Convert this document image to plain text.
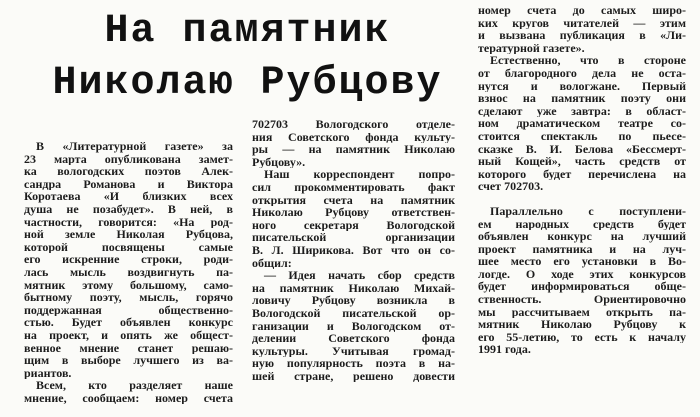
На памятник
Николаю Рубцову
В «Литературной газете» за
23 марта опубликована замет-
ка вологодских поэтов Алек-
сандра Романова и Виктора
Коротаева «И близких всех
душа не позабудет». В ней, в
частности, говорится: «На род-
ной земле Николая Рубцова,
которой посвящены самые
его искренние строки, роди-
лась мысль воздвигнуть па-
мятник этому большому, само-
бытному поэту, мысль, горячо
поддержанная общественно-
стью. Будет объявлен конкурс
на проект, и опять же общест-
венное мнение станет решаю-
щим в выборе лучшего из ва-
риантов.
Всем, кто разделяет наше
мнение, сообщаем: номер счета
702703 Вологодского отделе-
ния Советского фонда культу-
ры — на памятник Николаю
Рубцову».
Наш корреспондент попро-
сил прокомментировать факт
открытия счета на памятник
Николаю Рубцову ответствен-
ного секретаря Вологодской
писательской организации
В. Л. Ширикова. Вот что он со-
общил:
— Идея начать сбор средств
на памятник Николаю Михай-
ловичу Рубцову возникла в
Вологодской писательской ор-
ганизации и Вологодском от-
делении Советского фонда
культуры. Учитывая громад-
ную популярность поэта в на-
шей стране, решено довести
номер счета до самых широ-
ких кругов читателей — этим
и вызвана публикация в «Ли-
тературной газете».
Естественно, что в стороне
от благородного дела не оста-
нутся и вологжане. Первый
взнос на памятник поэту они
сделают уже завтра: в област-
ном драматическом театре со-
стоится спектакль по пьесе-
сказке В. И. Белова «Бессмерт-
ный Кощей», часть средств от
которого будет перечислена на
счет 702703.
Параллельно с поступлени-
ем народных средств будет
объявлен конкурс на лучший
проект памятника и на луч-
шее место его установки в Во-
логде. О ходе этих конкурсов
будет информироваться обще-
ственность. Ориентировочно
мы рассчитываем открыть па-
мятник Николаю Рубцову к
его 55-летию, то есть к началу
1991 года.
